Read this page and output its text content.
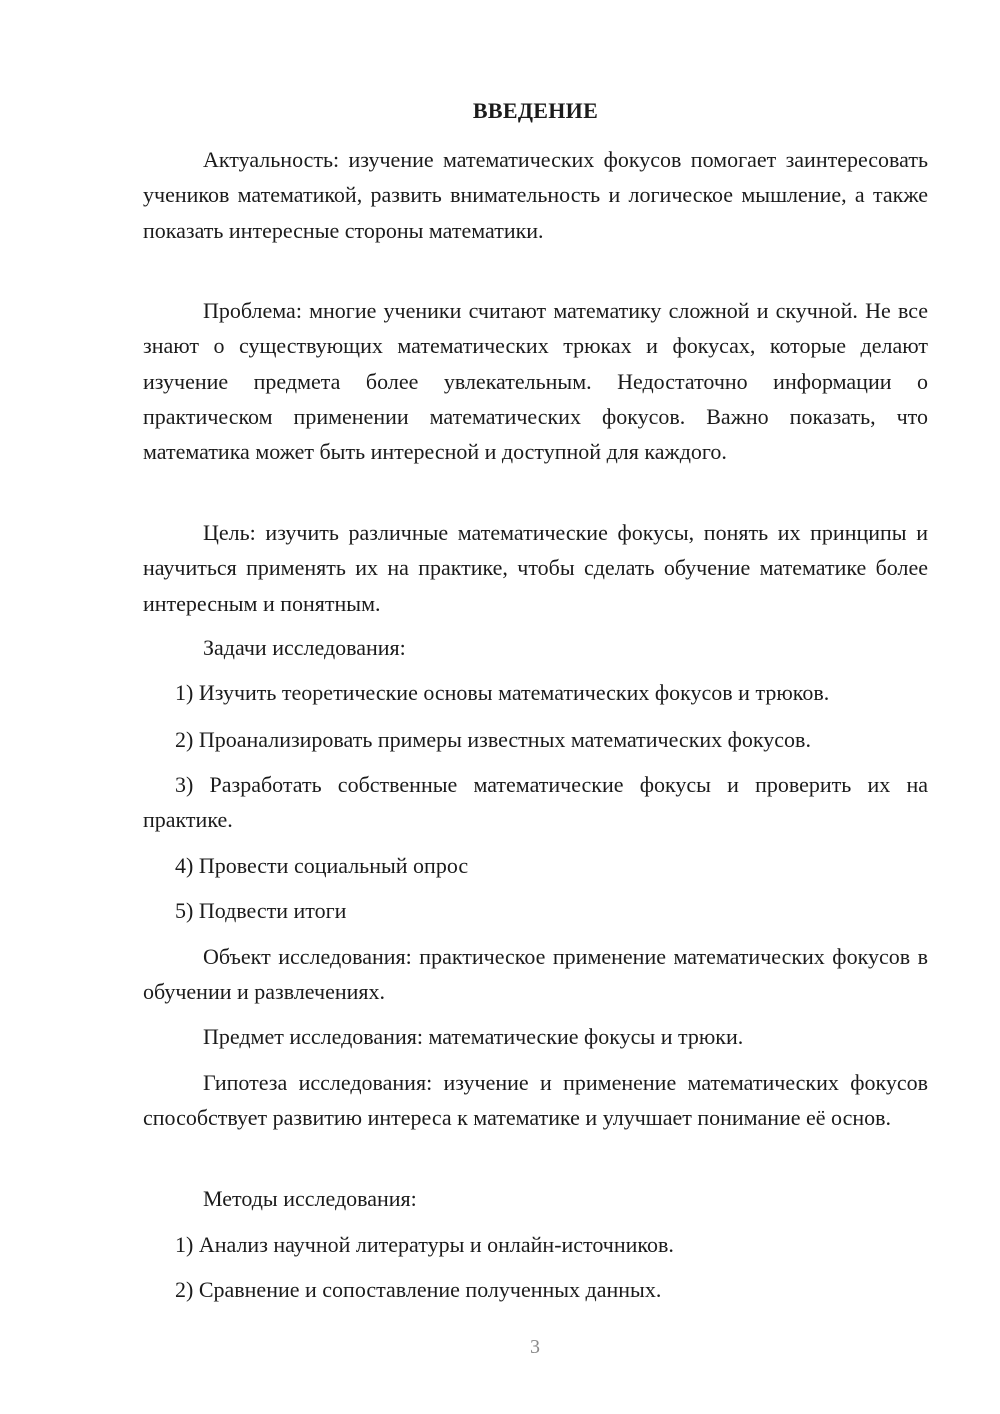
ВВЕДЕНИЕ

Актуальность: изучение математических фокусов помогает заинтересовать учеников математикой, развить внимательность и логическое мышление, а также показать интересные стороны математики.

Проблема: многие ученики считают математику сложной и скучной. Не все знают о существующих математических трюках и фокусах, которые делают изучение предмета более увлекательным. Недостаточно информации о практическом применении математических фокусов. Важно показать, что математика может быть интересной и доступной для каждого.

Цель: изучить различные математические фокусы, понять их принципы и научиться применять их на практике, чтобы сделать обучение математике более интересным и понятным.

Задачи исследования:

1) Изучить теоретические основы математических фокусов и трюков.

2) Проанализировать примеры известных математических фокусов.

3) Разработать собственные математические фокусы и проверить их на практике.

4) Провести социальный опрос

5) Подвести итоги

Объект исследования: практическое применение математических фокусов в обучении и развлечениях.

Предмет исследования: математические фокусы и трюки.

Гипотеза исследования: изучение и применение математических фокусов способствует развитию интереса к математике и улучшает понимание её основ.

Методы исследования:

1) Анализ научной литературы и онлайн-источников.

2) Сравнение и сопоставление полученных данных.

3
